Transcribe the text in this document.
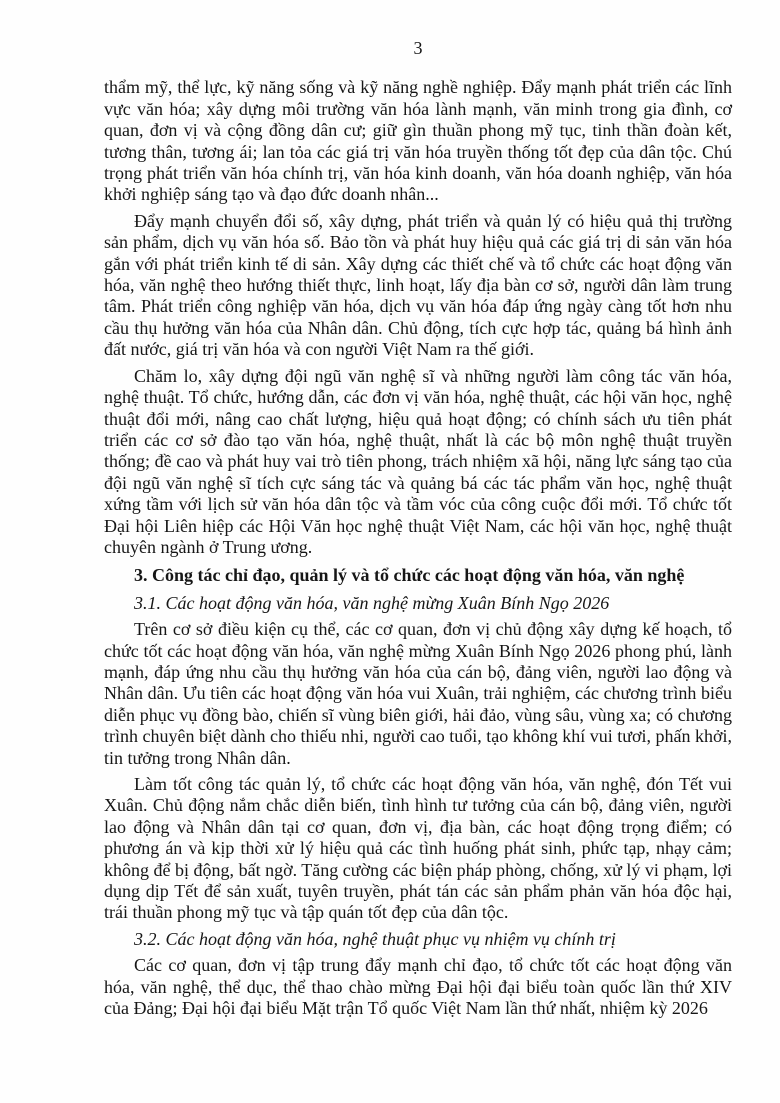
3

thẩm mỹ, thể lực, kỹ năng sống và kỹ năng nghề nghiệp. Đẩy mạnh phát triển các lĩnh vực văn hóa; xây dựng môi trường văn hóa lành mạnh, văn minh trong gia đình, cơ quan, đơn vị và cộng đồng dân cư; giữ gìn thuần phong mỹ tục, tinh thần đoàn kết, tương thân, tương ái; lan tỏa các giá trị văn hóa truyền thống tốt đẹp của dân tộc. Chú trọng phát triển văn hóa chính trị, văn hóa kinh doanh, văn hóa doanh nghiệp, văn hóa khởi nghiệp sáng tạo và đạo đức doanh nhân...

Đẩy mạnh chuyển đổi số, xây dựng, phát triển và quản lý có hiệu quả thị trường sản phẩm, dịch vụ văn hóa số. Bảo tồn và phát huy hiệu quả các giá trị di sản văn hóa gắn với phát triển kinh tế di sản. Xây dựng các thiết chế và tổ chức các hoạt động văn hóa, văn nghệ theo hướng thiết thực, linh hoạt, lấy địa bàn cơ sở, người dân làm trung tâm. Phát triển công nghiệp văn hóa, dịch vụ văn hóa đáp ứng ngày càng tốt hơn nhu cầu thụ hưởng văn hóa của Nhân dân. Chủ động, tích cực hợp tác, quảng bá hình ảnh đất nước, giá trị văn hóa và con người Việt Nam ra thế giới.

Chăm lo, xây dựng đội ngũ văn nghệ sĩ và những người làm công tác văn hóa, nghệ thuật. Tổ chức, hướng dẫn, các đơn vị văn hóa, nghệ thuật, các hội văn học, nghệ thuật đổi mới, nâng cao chất lượng, hiệu quả hoạt động; có chính sách ưu tiên phát triển các cơ sở đào tạo văn hóa, nghệ thuật, nhất là các bộ môn nghệ thuật truyền thống; đề cao và phát huy vai trò tiên phong, trách nhiệm xã hội, năng lực sáng tạo của đội ngũ văn nghệ sĩ tích cực sáng tác và quảng bá các tác phẩm văn học, nghệ thuật xứng tầm với lịch sử văn hóa dân tộc và tầm vóc của công cuộc đổi mới. Tổ chức tốt Đại hội Liên hiệp các Hội Văn học nghệ thuật Việt Nam, các hội văn học, nghệ thuật chuyên ngành ở Trung ương.

3. Công tác chỉ đạo, quản lý và tổ chức các hoạt động văn hóa, văn nghệ

3.1. Các hoạt động văn hóa, văn nghệ mừng Xuân Bính Ngọ 2026

Trên cơ sở điều kiện cụ thể, các cơ quan, đơn vị chủ động xây dựng kế hoạch, tổ chức tốt các hoạt động văn hóa, văn nghệ mừng Xuân Bính Ngọ 2026 phong phú, lành mạnh, đáp ứng nhu cầu thụ hưởng văn hóa của cán bộ, đảng viên, người lao động và Nhân dân. Ưu tiên các hoạt động văn hóa vui Xuân, trải nghiệm, các chương trình biểu diễn phục vụ đồng bào, chiến sĩ vùng biên giới, hải đảo, vùng sâu, vùng xa; có chương trình chuyên biệt dành cho thiếu nhi, người cao tuổi, tạo không khí vui tươi, phấn khởi, tin tưởng trong Nhân dân.

Làm tốt công tác quản lý, tổ chức các hoạt động văn hóa, văn nghệ, đón Tết vui Xuân. Chủ động nắm chắc diễn biến, tình hình tư tưởng của cán bộ, đảng viên, người lao động và Nhân dân tại cơ quan, đơn vị, địa bàn, các hoạt động trọng điểm; có phương án và kịp thời xử lý hiệu quả các tình huống phát sinh, phức tạp, nhạy cảm; không để bị động, bất ngờ. Tăng cường các biện pháp phòng, chống, xử lý vi phạm, lợi dụng dịp Tết để sản xuất, tuyên truyền, phát tán các sản phẩm phản văn hóa độc hại, trái thuần phong mỹ tục và tập quán tốt đẹp của dân tộc.

3.2. Các hoạt động văn hóa, nghệ thuật phục vụ nhiệm vụ chính trị

Các cơ quan, đơn vị tập trung đẩy mạnh chỉ đạo, tổ chức tốt các hoạt động văn hóa, văn nghệ, thể dục, thể thao chào mừng Đại hội đại biểu toàn quốc lần thứ XIV của Đảng; Đại hội đại biểu Mặt trận Tổ quốc Việt Nam lần thứ nhất, nhiệm kỳ 2026
